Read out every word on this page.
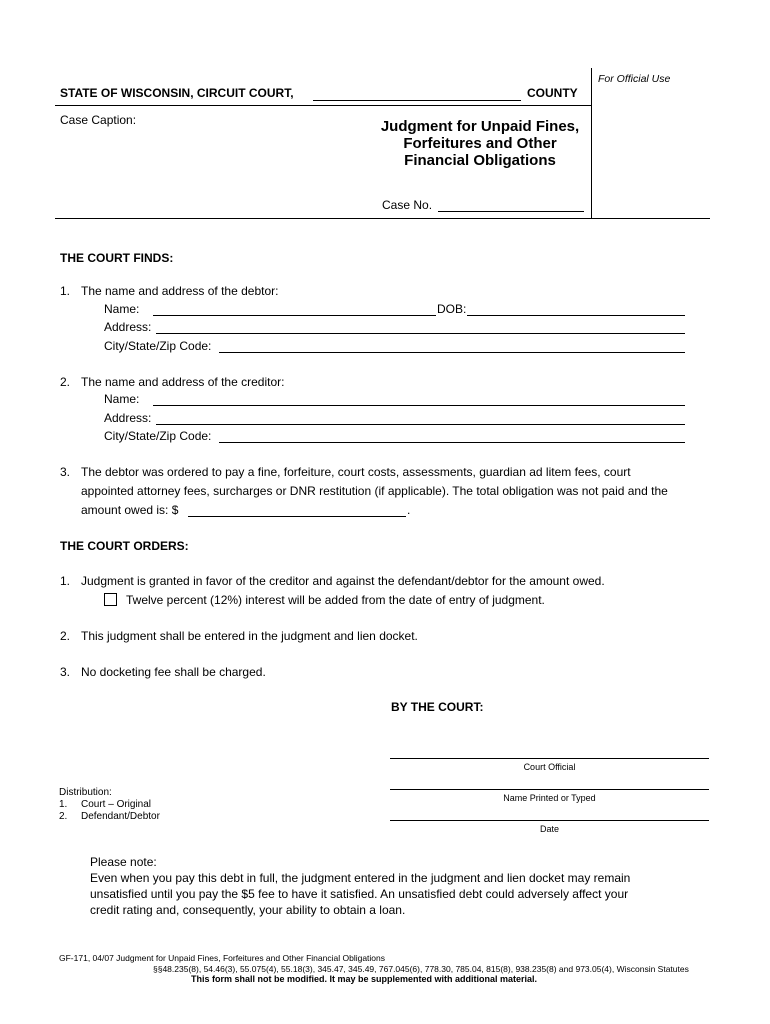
For Official Use
STATE OF WISCONSIN, CIRCUIT COURT,	COUNTY
Case Caption:	Judgment for Unpaid Fines, Forfeitures and Other Financial Obligations
Case No.
THE COURT FINDS:
1. The name and address of the debtor:
Name:	DOB:
Address:
City/State/Zip Code:
2. The name and address of the creditor:
Name:
Address:
City/State/Zip Code:
3. The debtor was ordered to pay a fine, forfeiture, court costs, assessments, guardian ad litem fees, court
appointed attorney fees, surcharges or DNR restitution (if applicable). The total obligation was not paid and the
amount owed is: $	.
THE COURT ORDERS:
1. Judgment is granted in favor of the creditor and against the defendant/debtor for the amount owed.
Twelve percent (12%) interest will be added from the date of entry of judgment.
2. This judgment shall be entered in the judgment and lien docket.
3. No docketing fee shall be charged.
BY THE COURT:
Court Official
Name Printed or Typed
Date
Distribution:
1. Court – Original
2. Defendant/Debtor
Please note:
Even when you pay this debt in full, the judgment entered in the judgment and lien docket may remain
unsatisfied until you pay the $5 fee to have it satisfied. An unsatisfied debt could adversely affect your
credit rating and, consequently, your ability to obtain a loan.
GF-171, 04/07 Judgment for Unpaid Fines, Forfeitures and Other Financial Obligations
§§48.235(8), 54.46(3), 55.075(4), 55.18(3), 345.47, 345.49, 767.045(6), 778.30, 785.04, 815(8), 938.235(8) and 973.05(4), Wisconsin Statutes
This form shall not be modified. It may be supplemented with additional material.
